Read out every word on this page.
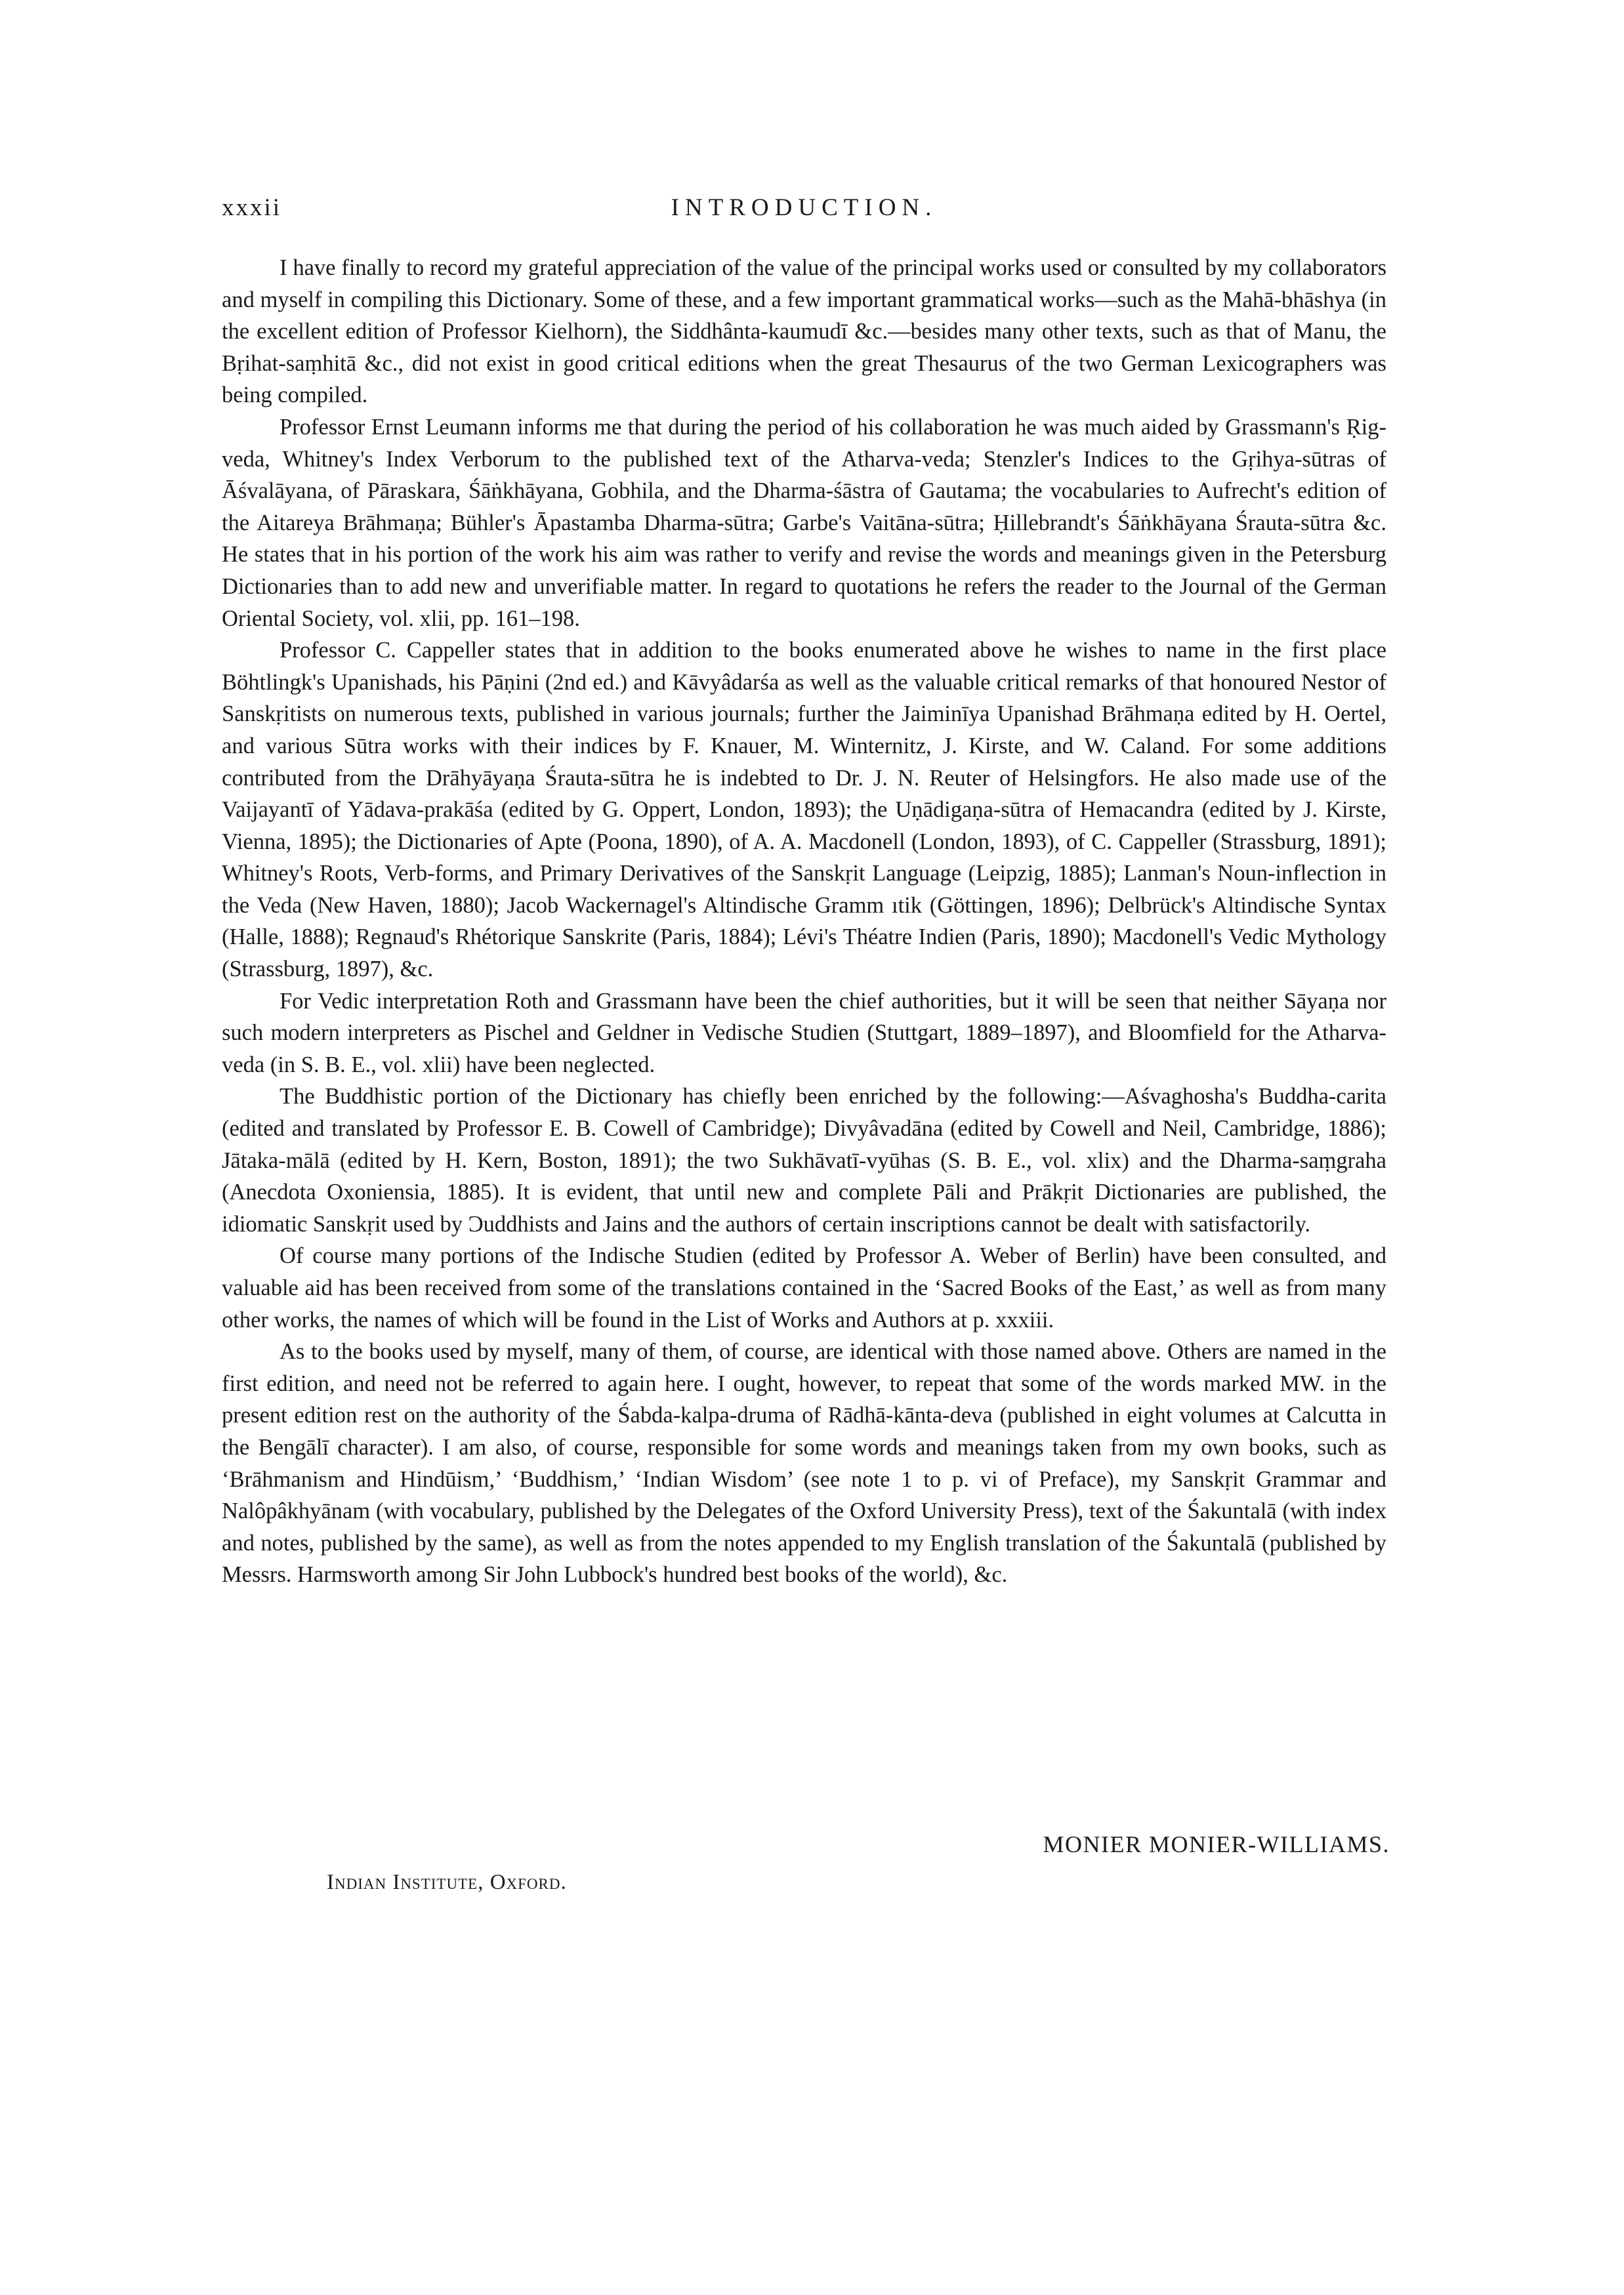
xxxii	INTRODUCTION.

I have finally to record my grateful appreciation of the value of the principal works used or consulted by my collaborators and myself in compiling this Dictionary. Some of these, and a few important grammatical works—such as the Mahā-bhāshya (in the excellent edition of Professor Kielhorn), the Siddhânta-kaumudī &c.—besides many other texts, such as that of Manu, the Bṛihat-saṃhitā &c., did not exist in good critical editions when the great Thesaurus of the two German Lexicographers was being compiled.

Professor Ernst Leumann informs me that during the period of his collaboration he was much aided by Grassmann's Ṛig-veda, Whitney's Index Verborum to the published text of the Atharva-veda; Stenzler's Indices to the Gṛihya-sūtras of Āśvalāyana, of Pāraskara, Śāṅkhāyana, Gobhila, and the Dharma-śāstra of Gautama; the vocabularies to Aufrecht's edition of the Aitareya Brāhmaṇa; Bühler's Āpastamba Dharma-sūtra; Garbe's Vaitāna-sūtra; Ḥillebrandt's Śāṅkhāyana Śrauta-sūtra &c. He states that in his portion of the work his aim was rather to verify and revise the words and meanings given in the Petersburg Dictionaries than to add new and unverifiable matter. In regard to quotations he refers the reader to the Journal of the German Oriental Society, vol. xlii, pp. 161–198.

Professor C. Cappeller states that in addition to the books enumerated above he wishes to name in the first place Böhtlingk's Upanishads, his Pāṇini (2nd ed.) and Kāvyâdarśa as well as the valuable critical remarks of that honoured Nestor of Sanskṛitists on numerous texts, published in various journals; further the Jaiminīya Upanishad Brāhmaṇa edited by H. Oertel, and various Sūtra works with their indices by F. Knauer, M. Winternitz, J. Kirste, and W. Caland. For some additions contributed from the Drāhyāyaṇa Śrauta-sūtra he is indebted to Dr. J. N. Reuter of Helsingfors. He also made use of the Vaijayantī of Yādava-prakāśa (edited by G. Oppert, London, 1893); the Uṇādigaṇa-sūtra of Hemacandra (edited by J. Kirste, Vienna, 1895); the Dictionaries of Apte (Poona, 1890), of A. A. Macdonell (London, 1893), of C. Cappeller (Strassburg, 1891); Whitney's Roots, Verb-forms, and Primary Derivatives of the Sanskṛit Language (Leipzig, 1885); Lanman's Noun-inflection in the Veda (New Haven, 1880); Jacob Wackernagel's Altindische Gramm ıtik (Göttingen, 1896); Delbrück's Altindische Syntax (Halle, 1888); Regnaud's Rhétorique Sanskrite (Paris, 1884); Lévi's Théatre Indien (Paris, 1890); Macdonell's Vedic Mythology (Strassburg, 1897), &c.

For Vedic interpretation Roth and Grassmann have been the chief authorities, but it will be seen that neither Sāyaṇa nor such modern interpreters as Pischel and Geldner in Vedische Studien (Stuttgart, 1889–1897), and Bloomfield for the Atharva-veda (in S. B. E., vol. xlii) have been neglected.

The Buddhistic portion of the Dictionary has chiefly been enriched by the following:—Aśvaghosha's Buddha-carita (edited and translated by Professor E. B. Cowell of Cambridge); Divyâvadāna (edited by Cowell and Neil, Cambridge, 1886); Jātaka-mālā (edited by H. Kern, Boston, 1891); the two Sukhāvatī-vyūhas (S. B. E., vol. xlix) and the Dharma-saṃgraha (Anecdota Oxoniensia, 1885). It is evident, that until new and complete Pāli and Prākṛit Dictionaries are published, the idiomatic Sanskṛit used by Ɔuddhists and Jains and the authors of certain inscriptions cannot be dealt with satisfactorily.

Of course many portions of the Indische Studien (edited by Professor A. Weber of Berlin) have been consulted, and valuable aid has been received from some of the translations contained in the ‘Sacred Books of the East,’ as well as from many other works, the names of which will be found in the List of Works and Authors at p. xxxiii.

As to the books used by myself, many of them, of course, are identical with those named above. Others are named in the first edition, and need not be referred to again here. I ought, however, to repeat that some of the words marked MW. in the present edition rest on the authority of the Śabda-kalpa-druma of Rādhā-kānta-deva (published in eight volumes at Calcutta in the Bengālī character). I am also, of course, responsible for some words and meanings taken from my own books, such as ‘Brāhmanism and Hindūism,’ ‘Buddhism,’ ‘Indian Wisdom’ (see note 1 to p. vi of Preface), my Sanskṛit Grammar and Nalôpâkhyānam (with vocabulary, published by the Delegates of the Oxford University Press), text of the Śakuntalā (with index and notes, published by the same), as well as from the notes appended to my English translation of the Śakuntalā (published by Messrs. Harmsworth among Sir John Lubbock's hundred best books of the world), &c.

MONIER MONIER-WILLIAMS.
Indian Institute, Oxford.
